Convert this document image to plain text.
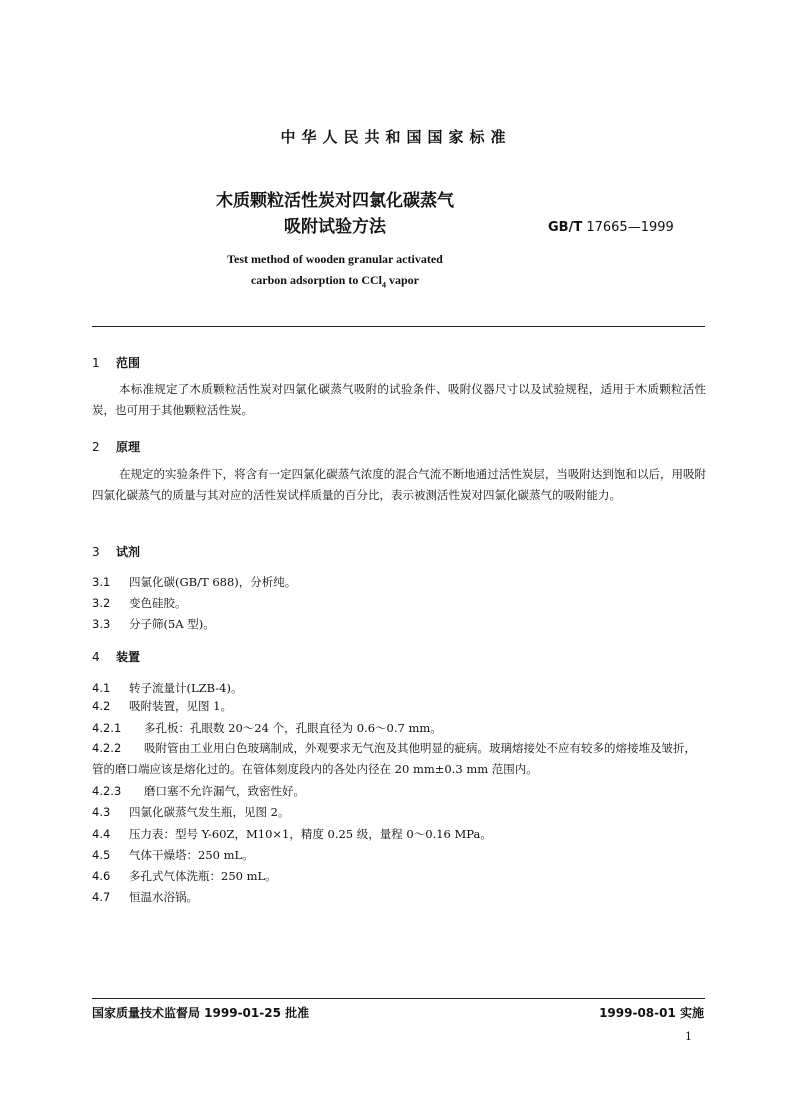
中华人民共和国国家标准
木质颗粒活性炭对四氯化碳蒸气
吸附试验方法	GB/T 17665—1999
Test method of wooden granular activated
carbon adsorption to CCl$_4$ vapor
1 范围
本标准规定了木质颗粒活性炭对四氯化碳蒸气吸附的试验条件、吸附仪器尺寸以及试验规程，适用于木质颗粒活性炭，也可用于其他颗粒活性炭。
2 原理
在规定的实验条件下，将含有一定四氯化碳蒸气浓度的混合气流不断地通过活性炭层，当吸附达到饱和以后，用吸附四氯化碳蒸气的质量与其对应的活性炭试样质量的百分比，表示被测活性炭对四氯化碳蒸气的吸附能力。
3 试剂
3.1 四氯化碳(GB/T 688)，分析纯。
3.2 变色硅胶。
3.3 分子筛(5A 型)。
4 装置
4.1 转子流量计(LZB-4)。
4.2 吸附装置，见图 1。
4.2.1 多孔板：孔眼数 20～24 个，孔眼直径为 0.6～0.7 mm。
4.2.2 吸附管由工业用白色玻璃制成，外观要求无气泡及其他明显的疵病。玻璃熔接处不应有较多的熔接堆及皱折，管的磨口端应该是熔化过的。在管体刻度段内的各处内径在 20 mm±0.3 mm 范围内。
4.2.3 磨口塞不允许漏气，致密性好。
4.3 四氯化碳蒸气发生瓶，见图 2。
4.4 压力表：型号 Y-60Z，M10×1，精度 0.25 级，量程 0～0.16 MPa。
4.5 气体干燥塔：250 mL。
4.6 多孔式气体洗瓶：250 mL。
4.7 恒温水浴锅。
国家质量技术监督局 1999-01-25 批准	1999-08-01 实施
1
